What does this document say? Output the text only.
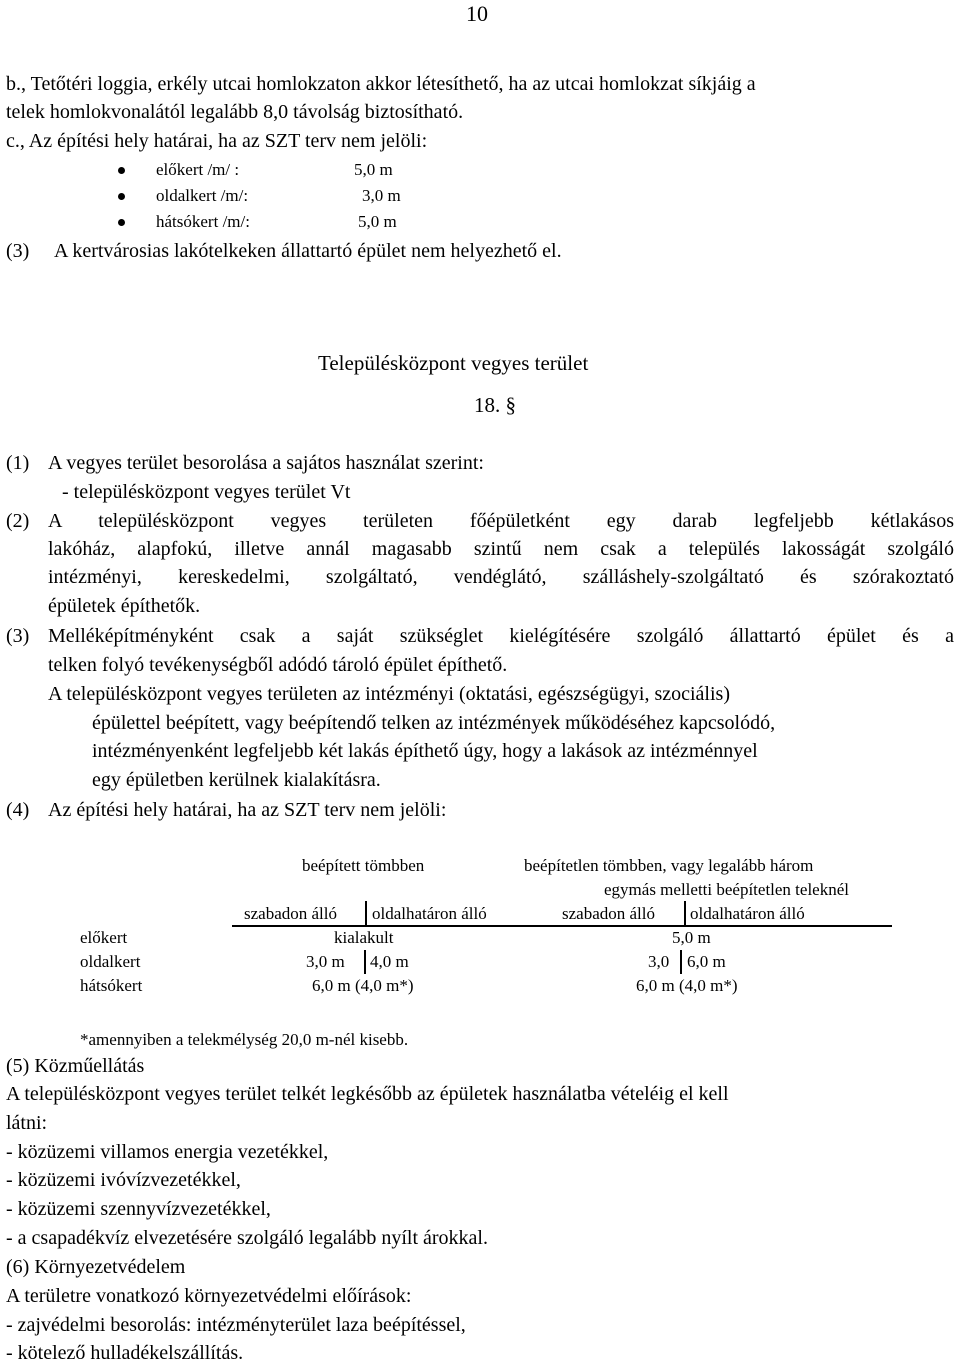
10
b., Tetőtéri loggia, erkély utcai homlokzaton akkor létesíthető, ha az utcai homlokzat síkjáig a
telek homlokvonalától legalább 8,0 távolság biztosítható.
c., Az építési hely határai, ha az SZT terv nem jelöli:
előkert /m/ :	5,0 m
oldalkert /m/:	3,0 m
hátsókert /m/:	5,0 m
(3) A kertvárosias lakótelkeken állattartó épület nem helyezhető el.
Településközpont vegyes terület
18. §
(1) A vegyes terület besorolása a sajátos használat szerint:
- településközpont vegyes terület Vt
(2) A településközpont vegyes területen főépületként egy darab legfeljebb kétlakásos
lakóház, alapfokú, illetve annál magasabb szintű nem csak a település lakosságát szolgáló
intézményi, kereskedelmi, szolgáltató, vendéglátó, szálláshely-szolgáltató és szórakoztató
épületek építhetők.
(3) Melléképítményként csak a saját szükséglet kielégítésére szolgáló állattartó épület és a
telken folyó tevékenységből adódó tároló épület építhető.
A településközpont vegyes területen az intézményi (oktatási, egészségügyi, szociális)
épülettel beépített, vagy beépítendő telken az intézmények működéséhez kapcsolódó,
intézményenként legfeljebb két lakás építhető úgy, hogy a lakások az intézménnyel
egy épületben kerülnek kialakításra.
(4) Az építési hely határai, ha az SZT terv nem jelöli:
beépített tömbben	beépítetlen tömbben, vagy legalább három
egymás melletti beépítetlen teleknél
szabadon álló oldalhatáron álló	szabadon álló oldalhatáron álló
előkert	kialakult	5,0 m
oldalkert	3,0 m 4,0 m	3,0 6,0 m
hátsókert	6,0 m (4,0 m*)	6,0 m (4,0 m*)
*amennyiben a telekmélység 20,0 m-nél kisebb.
(5) Közműellátás
A településközpont vegyes terület telkét legkésőbb az épületek használatba vételéig el kell
látni:
- közüzemi villamos energia vezetékkel,
- közüzemi ivóvízvezetékkel,
- közüzemi szennyvízvezetékkel,
- a csapadékvíz elvezetésére szolgáló legalább nyílt árokkal.
(6) Környezetvédelem
A területre vonatkozó környezetvédelmi előírások:
- zajvédelmi besorolás: intézményterület laza beépítéssel,
- kötelező hulladékelszállítás.
